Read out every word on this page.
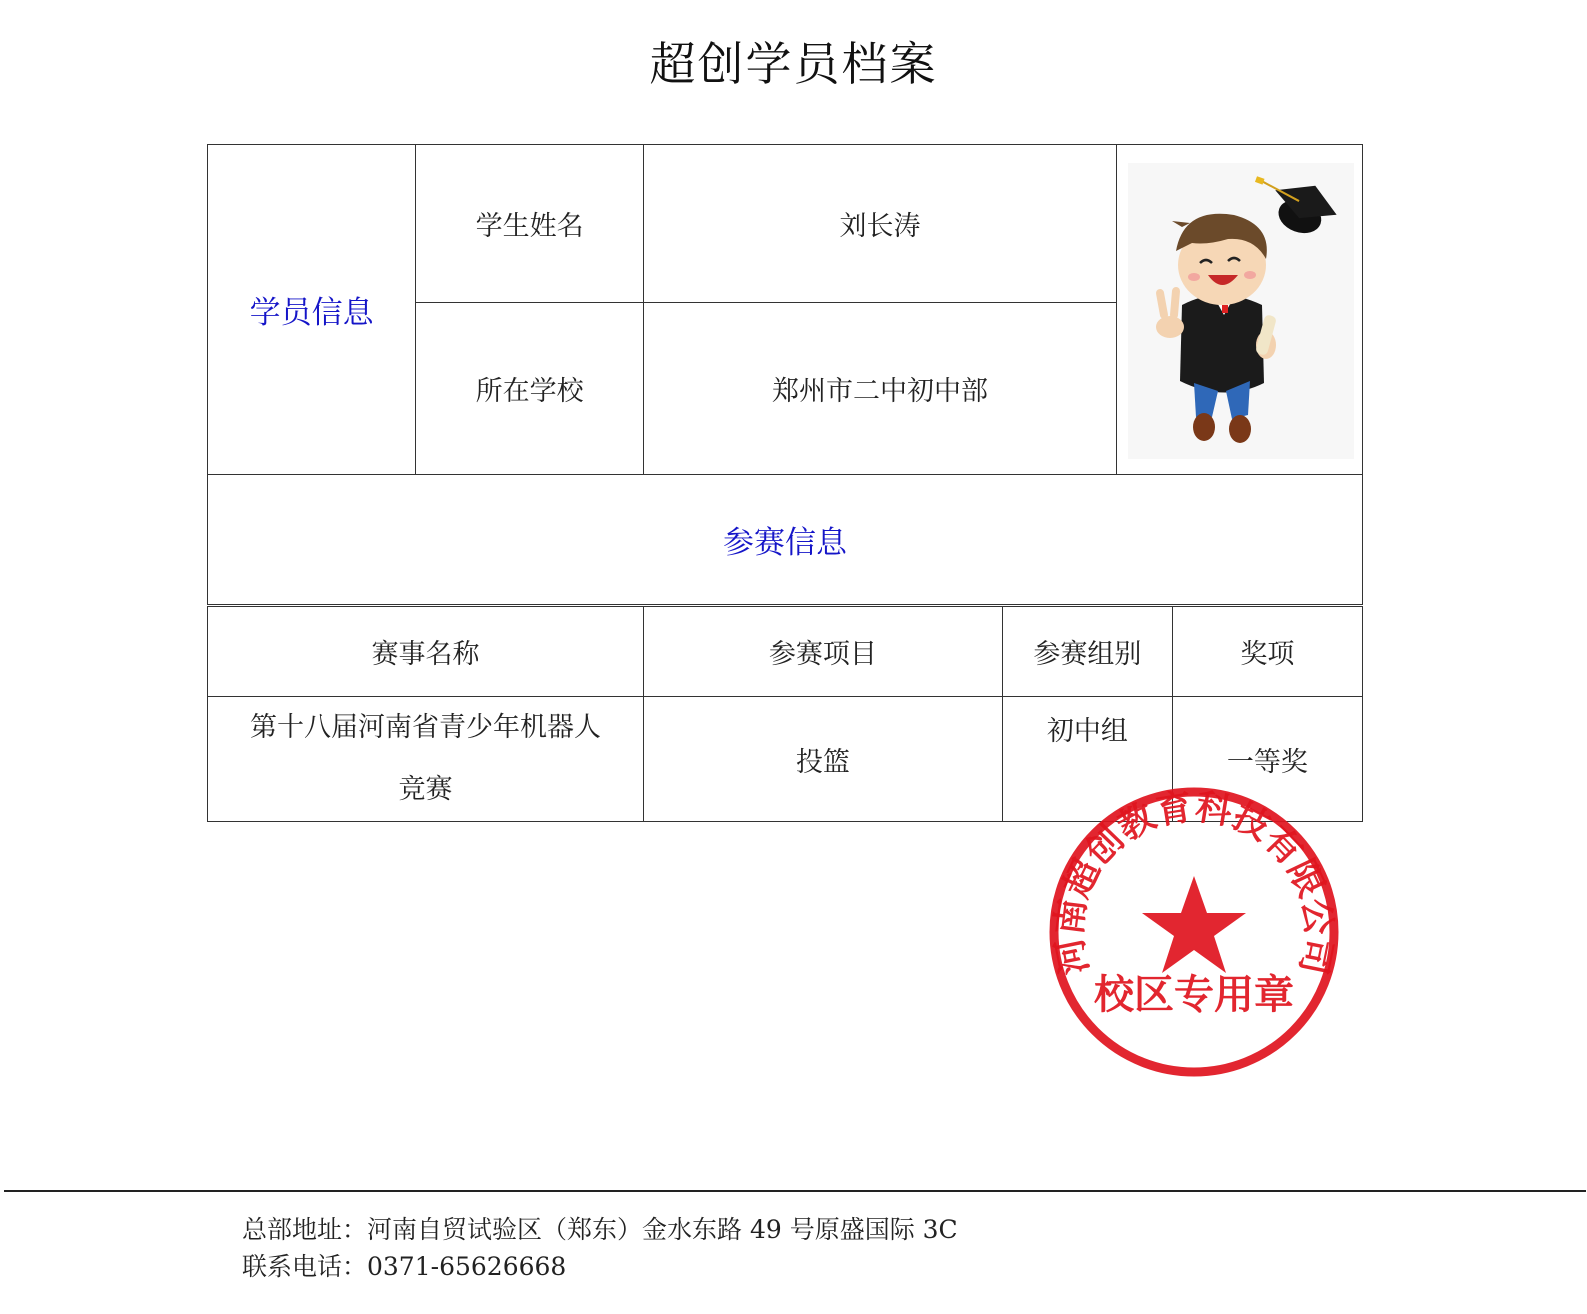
超创学员档案
学员信息	学生姓名	刘长涛	

	所在学校	郑州市二中初中部	
参赛信息			
赛事名称	参赛项目	参赛组别	奖项

第十八届河南省青少年机器人
竞赛	投篮	初中组	一等奖
河南超创教育科技有限公司
校区专用章
总部地址：河南自贸试验区（郑东）金水东路 49 号原盛国际 3C
联系电话：0371-65626668
